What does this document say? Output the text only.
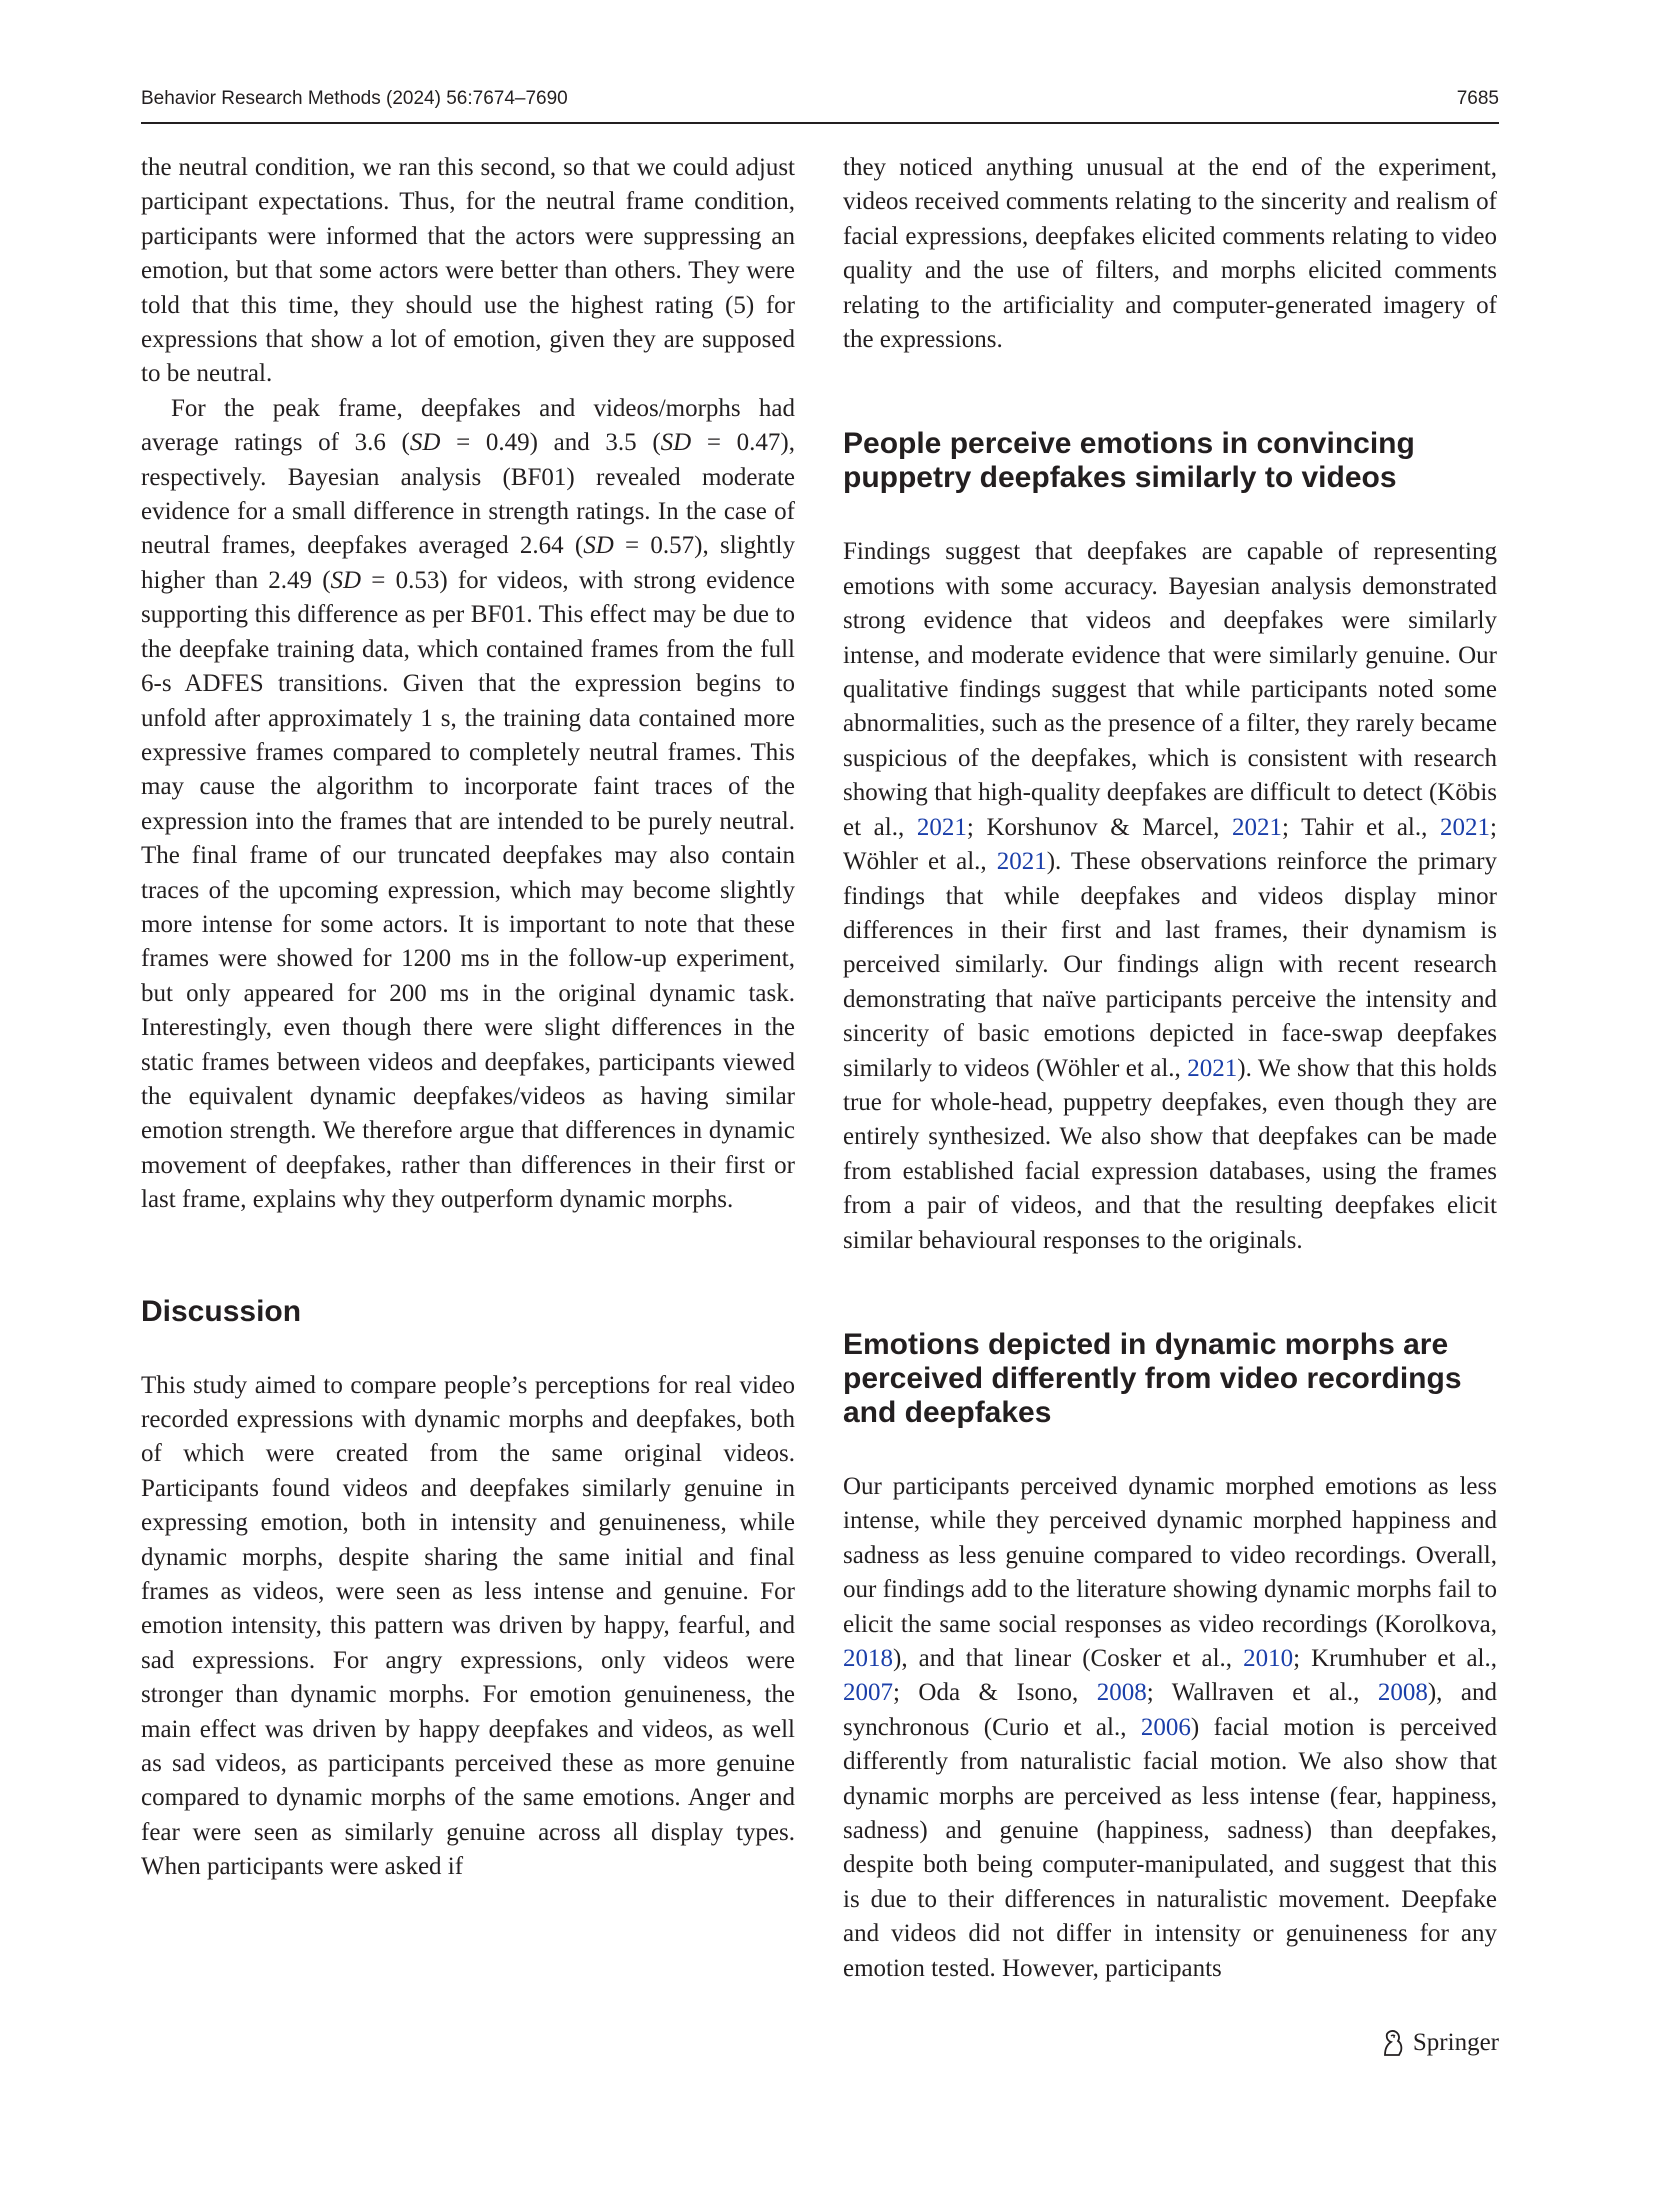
Behavior Research Methods (2024) 56:7674–7690	7685

the neutral condition, we ran this second, so that we could adjust participant expectations. Thus, for the neutral frame condition, participants were informed that the actors were suppressing an emotion, but that some actors were better than others. They were told that this time, they should use the highest rating (5) for expressions that show a lot of emotion, given they are supposed to be neutral.

For the peak frame, deepfakes and videos/morphs had average ratings of 3.6 (SD = 0.49) and 3.5 (SD = 0.47), respectively. Bayesian analysis (BF01) revealed moderate evidence for a small difference in strength ratings. In the case of neutral frames, deepfakes averaged 2.64 (SD = 0.57), slightly higher than 2.49 (SD = 0.53) for videos, with strong evidence supporting this difference as per BF01. This effect may be due to the deepfake training data, which contained frames from the full 6-s ADFES transitions. Given that the expression begins to unfold after approximately 1 s, the training data contained more expressive frames compared to completely neutral frames. This may cause the algorithm to incorporate faint traces of the expression into the frames that are intended to be purely neutral. The final frame of our truncated deepfakes may also contain traces of the upcoming expression, which may become slightly more intense for some actors. It is important to note that these frames were showed for 1200 ms in the follow-up experiment, but only appeared for 200 ms in the original dynamic task. Interestingly, even though there were slight differences in the static frames between videos and deepfakes, participants viewed the equivalent dynamic deepfakes/videos as having similar emotion strength. We therefore argue that differences in dynamic movement of deepfakes, rather than differences in their first or last frame, explains why they outperform dynamic morphs.

Discussion

This study aimed to compare people’s perceptions for real video recorded expressions with dynamic morphs and deepfakes, both of which were created from the same original videos. Participants found videos and deepfakes similarly genuine in expressing emotion, both in intensity and genuineness, while dynamic morphs, despite sharing the same initial and final frames as videos, were seen as less intense and genuine. For emotion intensity, this pattern was driven by happy, fearful, and sad expressions. For angry expressions, only videos were stronger than dynamic morphs. For emotion genuineness, the main effect was driven by happy deepfakes and videos, as well as sad videos, as participants perceived these as more genuine compared to dynamic morphs of the same emotions. Anger and fear were seen as similarly genuine across all display types. When participants were asked if

they noticed anything unusual at the end of the experiment, videos received comments relating to the sincerity and realism of facial expressions, deepfakes elicited comments relating to video quality and the use of filters, and morphs elicited comments relating to the artificiality and computer-generated imagery of the expressions.

People perceive emotions in convincing puppetry deepfakes similarly to videos

Findings suggest that deepfakes are capable of representing emotions with some accuracy. Bayesian analysis demonstrated strong evidence that videos and deepfakes were similarly intense, and moderate evidence that were similarly genuine. Our qualitative findings suggest that while participants noted some abnormalities, such as the presence of a filter, they rarely became suspicious of the deepfakes, which is consistent with research showing that high-quality deepfakes are difficult to detect (Köbis et al., 2021; Korshunov & Marcel, 2021; Tahir et al., 2021; Wöhler et al., 2021). These observations reinforce the primary findings that while deepfakes and videos display minor differences in their first and last frames, their dynamism is perceived similarly. Our findings align with recent research demonstrating that naïve participants perceive the intensity and sincerity of basic emotions depicted in face-swap deepfakes similarly to videos (Wöhler et al., 2021). We show that this holds true for whole-head, puppetry deepfakes, even though they are entirely synthesized. We also show that deepfakes can be made from established facial expression databases, using the frames from a pair of videos, and that the resulting deepfakes elicit similar behavioural responses to the originals.

Emotions depicted in dynamic morphs are perceived differently from video recordings and deepfakes

Our participants perceived dynamic morphed emotions as less intense, while they perceived dynamic morphed happiness and sadness as less genuine compared to video recordings. Overall, our findings add to the literature showing dynamic morphs fail to elicit the same social responses as video recordings (Korolkova, 2018), and that linear (Cosker et al., 2010; Krumhuber et al., 2007; Oda & Isono, 2008; Wallraven et al., 2008), and synchronous (Curio et al., 2006) facial motion is perceived differently from naturalistic facial motion. We also show that dynamic morphs are perceived as less intense (fear, happiness, sadness) and genuine (happiness, sadness) than deepfakes, despite both being computer-manipulated, and suggest that this is due to their differences in naturalistic movement. Deepfake and videos did not differ in intensity or genuineness for any emotion tested. However, participants

Springer
